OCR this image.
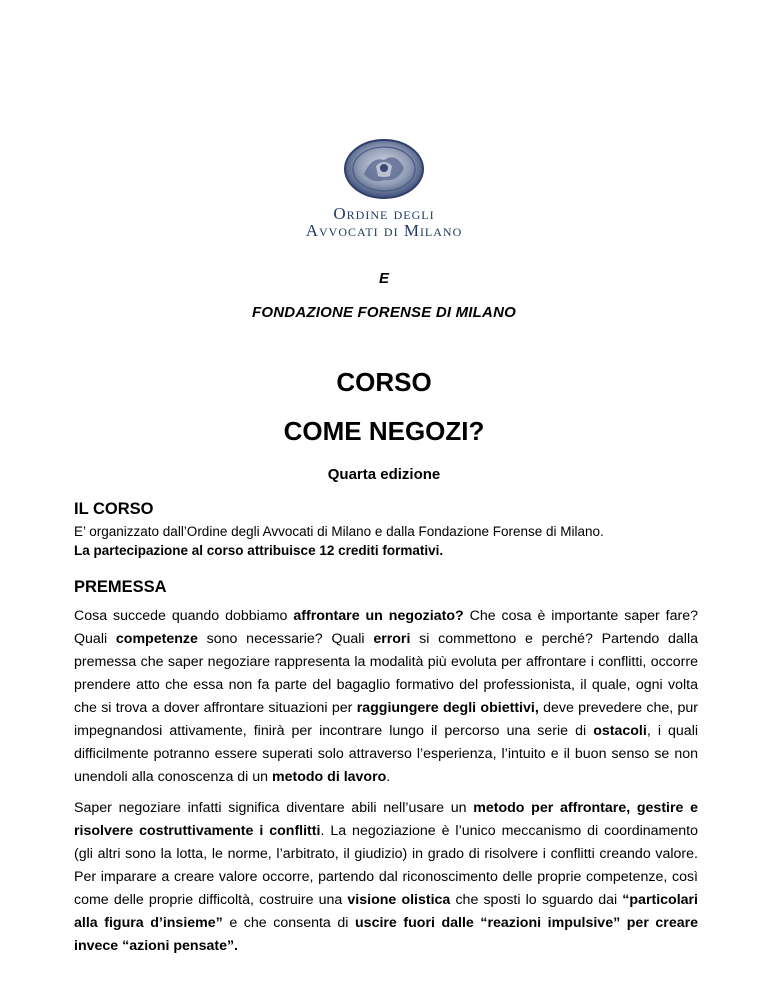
Ordine degli
Avvocati di Milano
E
FONDAZIONE FORENSE DI MILANO
CORSO
COME NEGOZI?
Quarta edizione

IL CORSO

E’ organizzato dall’Ordine degli Avvocati di Milano e dalla Fondazione Forense di Milano.

La partecipazione al corso attribuisce 12 crediti formativi.

PREMESSA

Cosa succede quando dobbiamo affrontare un negoziato? Che cosa è importante saper fare? Quali competenze sono necessarie? Quali errori si commettono e perché? Partendo dalla premessa che saper negoziare rappresenta la modalità più evoluta per affrontare i conflitti, occorre prendere atto che essa non fa parte del bagaglio formativo del professionista, il quale, ogni volta che si trova a dover affrontare situazioni per raggiungere degli obiettivi, deve prevedere che, pur impegnandosi attivamente, finirà per incontrare lungo il percorso una serie di ostacoli, i quali difficilmente potranno essere superati solo attraverso l’esperienza, l’intuito e il buon senso se non unendoli alla conoscenza di un metodo di lavoro.

Saper negoziare infatti significa diventare abili nell’usare un metodo per affrontare, gestire e risolvere costruttivamente i conflitti. La negoziazione è l’unico meccanismo di coordinamento (gli altri sono la lotta, le norme, l’arbitrato, il giudizio) in grado di risolvere i conflitti creando valore. Per imparare a creare valore occorre, partendo dal riconoscimento delle proprie competenze, così come delle proprie difficoltà, costruire una visione olistica che sposti lo sguardo dai “particolari alla figura d’insieme” e che consenta di uscire fuori dalle “reazioni impulsive” per creare invece “azioni pensate”.
